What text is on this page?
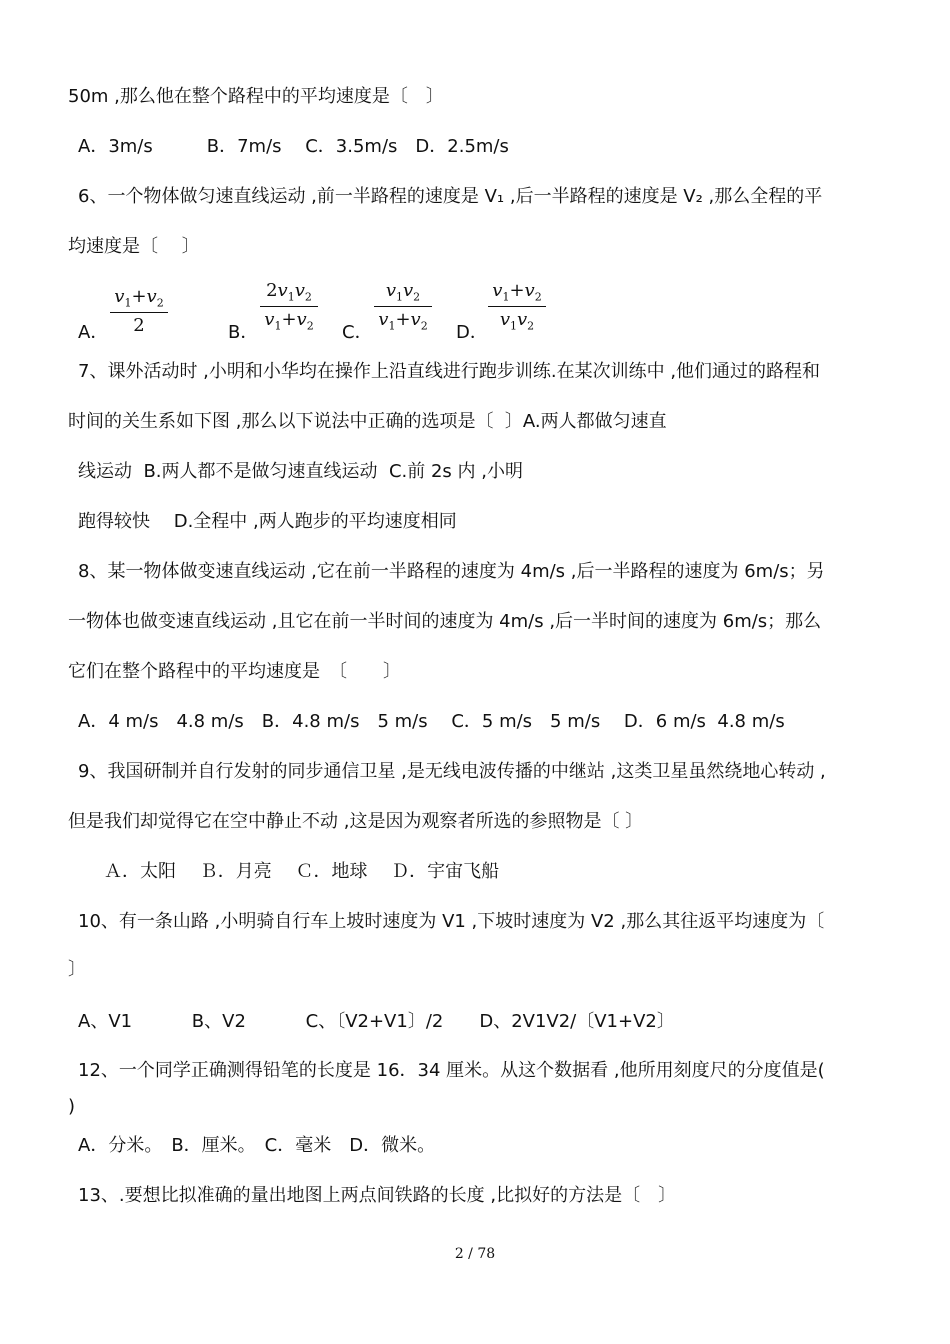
50m ,那么他在整个路程中的平均速度是〔　〕
A．3m/s　　　B．7m/s　 C．3.5m/s　D．2.5m/s
6、一个物体做匀速直线运动 ,前一半路程的速度是 V₁ ,后一半路程的速度是 V₂ ,那么全程的平
均速度是〔　 〕
A．
$v_1+v_2$
2	B．
$2v_1v_2$
$v_1+v_2$ C．
$v_1v_2$
$v_1+v_2$ D．
$v_1+v_2$
$v_1v_2$
7、课外活动时 ,小明和小华均在操作上沿直线进行跑步训练.在某次训练中 ,他们通过的路程和
时间的关生系如下图 ,那么以下说法中正确的选项是〔  〕A.两人都做匀速直
线运动  B.两人都不是做匀速直线运动  C.前 2s 内 ,小明
跑得较快　 D.全程中 ,两人跑步的平均速度相同
8、某一物体做变速直线运动 ,它在前一半路程的速度为 4m/s ,后一半路程的速度为 6m/s；另
一物体也做变速直线运动 ,且它在前一半时间的速度为 4m/s ,后一半时间的速度为 6m/s；那么
它们在整个路程中的平均速度是　〔　　〕
A．4 m/s　4.8 m/s　B．4.8 m/s　5 m/s　 C．5 m/s　5 m/s　 D．6 m/s  4.8 m/s
9、我国研制并自行发射的同步通信卫星 ,是无线电波传播的中继站 ,这类卫星虽然绕地心转动 ,
但是我们却觉得它在空中静止不动 ,这是因为观察者所选的参照物是〔 〕
Ａ．太阳　 Ｂ．月亮　 Ｃ．地球　 Ｄ．宇宙飞船
10、有一条山路 ,小明骑自行车上坡时速度为 V1 ,下坡时速度为 V2 ,那么其往返平均速度为〔
〕
A、V1　　　 B、V2　　　 C、〔V2+V1〕/2　　D、2V1V2/〔V1+V2〕
12、一个同学正确测得铅笔的长度是 16．34 厘米。从这个数据看 ,他所用刻度尺的分度值是(
)
A．分米。　B．厘米。　C．毫米　D．微米。
13、.要想比拟准确的量出地图上两点间铁路的长度 ,比拟好的方法是〔　〕
2 / 78
